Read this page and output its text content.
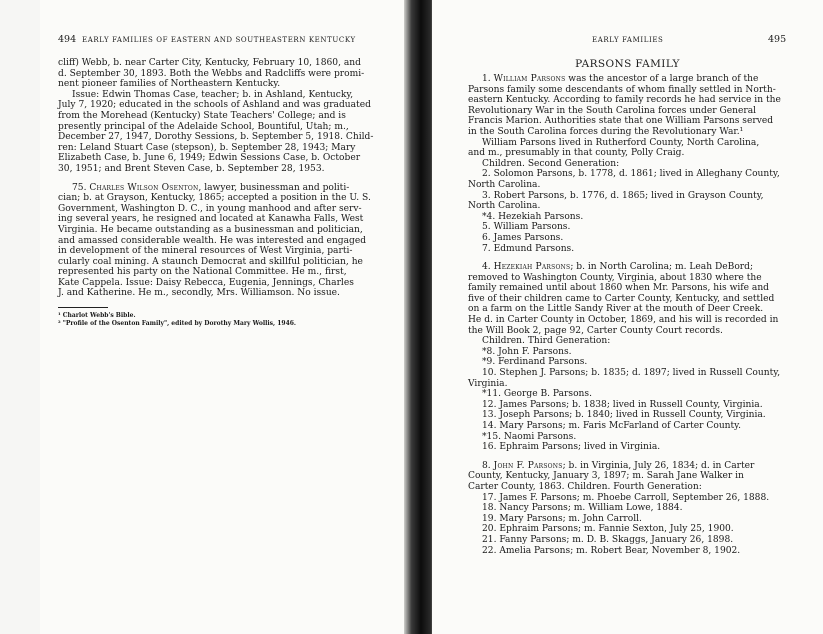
494 EARLY FAMILIES OF EASTERN AND SOUTHEASTERN KENTUCKY
cliff) Webb, b. near Carter City, Kentucky, February 10, 1860, and
d. September 30, 1893. Both the Webbs and Radcliffs were promi-
nent pioneer families of Northeastern Kentucky.
Issue: Edwin Thomas Case, teacher; b. in Ashland, Kentucky,
July 7, 1920; educated in the schools of Ashland and was graduated
from the Morehead (Kentucky) State Teachers' College; and is
presently principal of the Adelaide School, Bountiful, Utah; m.,
December 27, 1947, Dorothy Sessions, b. September 5, 1918. Child-
ren: Leland Stuart Case (stepson), b. September 28, 1943; Mary
Elizabeth Case, b. June 6, 1949; Edwin Sessions Case, b. October
30, 1951; and Brent Steven Case, b. September 28, 1953.
75. Charles Wilson Osenton, lawyer, businessman and politi-
cian; b. at Grayson, Kentucky, 1865; accepted a position in the U. S.
Government, Washington D. C., in young manhood and after serv-
ing several years, he resigned and located at Kanawha Falls, West
Virginia. He became outstanding as a businessman and politician,
and amassed considerable wealth. He was interested and engaged
in development of the mineral resources of West Virginia, parti-
cularly coal mining. A staunch Democrat and skillful politician, he
represented his party on the National Committee. He m., first,
Kate Cappela. Issue: Daisy Rebecca, Eugenia, Jennings, Charles
J. and Katherine. He m., secondly, Mrs. Williamson. No issue.
¹ Charlot Webb's Bible.
² "Profile of the Osenton Family", edited by Dorothy Mary Wollis, 1946.
EARLY FAMILIES	495
PARSONS FAMILY
1. William Parsons was the ancestor of a large branch of the
Parsons family some descendants of whom finally settled in North-
eastern Kentucky. According to family records he had service in the
Revolutionary War in the South Carolina forces under General
Francis Marion. Authorities state that one William Parsons served
in the South Carolina forces during the Revolutionary War.¹
William Parsons lived in Rutherford County, North Carolina,
and m., presumably in that county, Polly Craig.
Children. Second Generation:
2. Solomon Parsons, b. 1778, d. 1861; lived in Alleghany County,
North Carolina.
3. Robert Parsons, b. 1776, d. 1865; lived in Grayson County,
North Carolina.
*4. Hezekiah Parsons.
5. William Parsons.
6. James Parsons.
7. Edmund Parsons.
4. Hezekiah Parsons; b. in North Carolina; m. Leah DeBord;
removed to Washington County, Virginia, about 1830 where the
family remained until about 1860 when Mr. Parsons, his wife and
five of their children came to Carter County, Kentucky, and settled
on a farm on the Little Sandy River at the mouth of Deer Creek.
He d. in Carter County in October, 1869, and his will is recorded in
the Will Book 2, page 92, Carter County Court records.
Children. Third Generation:
*8. John F. Parsons.
*9. Ferdinand Parsons.
10. Stephen J. Parsons; b. 1835; d. 1897; lived in Russell County,
Virginia.
*11. George B. Parsons.
12. James Parsons; b. 1838; lived in Russell County, Virginia.
13. Joseph Parsons; b. 1840; lived in Russell County, Virginia.
14. Mary Parsons; m. Faris McFarland of Carter County.
*15. Naomi Parsons.
16. Ephraim Parsons; lived in Virginia.
8. John F. Parsons; b. in Virginia, July 26, 1834; d. in Carter
County, Kentucky, January 3, 1897; m. Sarah Jane Walker in
Carter County, 1863. Children. Fourth Generation:
17. James F. Parsons; m. Phoebe Carroll, September 26, 1888.
18. Nancy Parsons; m. William Lowe, 1884.
19. Mary Parsons; m. John Carroll.
20. Ephraim Parsons; m. Fannie Sexton, July 25, 1900.
21. Fanny Parsons; m. D. B. Skaggs, January 26, 1898.
22. Amelia Parsons; m. Robert Bear, November 8, 1902.
